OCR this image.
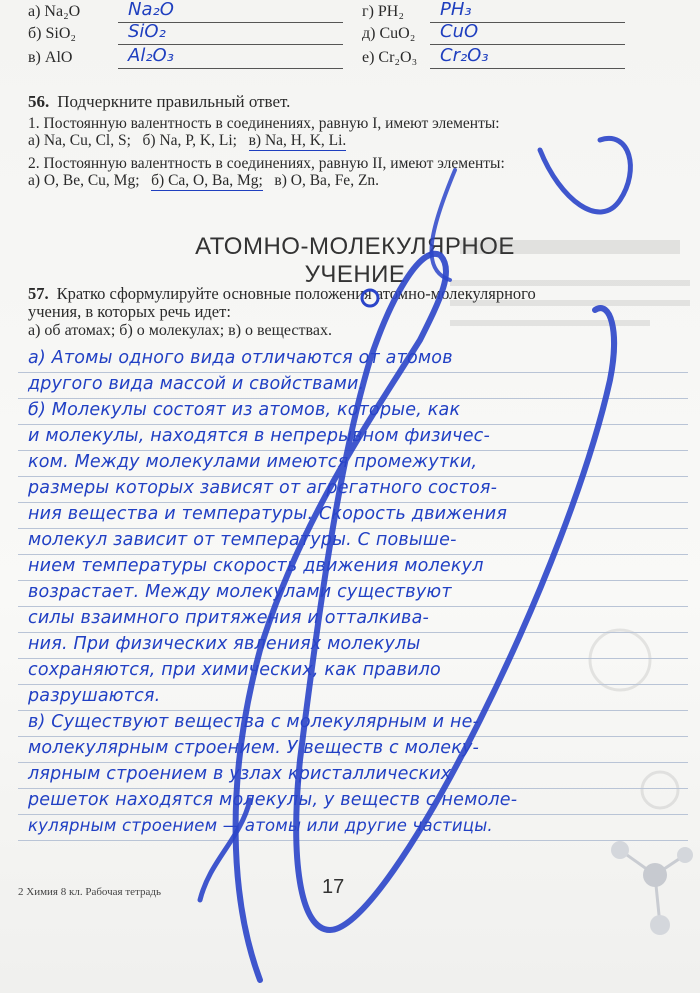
а) Na₂O	Na₂O	г) PH₂ PH₃
б) SiO₂	SiO₂	д) CuO₂ CuO
в) AlO	Al₂O₃	е) Cr₂O₃ Cr₂O₃
56. Подчеркните правильный ответ.
1. Постоянную валентность в соединениях, равную I, имеют элементы:
а) Na, Cu, Cl, S; б) Na, P, K, Li; в) Na, H, K, Li.
2. Постоянную валентность в соединениях, равную II, имеют элементы:
а) O, Be, Cu, Mg; б) Ca, O, Ba, Mg; в) O, Ba, Fe, Zn.
АТОМНО-МОЛЕКУЛЯРНОЕ УЧЕНИЕ
57. Кратко сформулируйте основные положения атомно-молекулярного
учения, в которых речь идет:
а) об атомах; б) о молекулах; в) о веществах.
а) Атомы одного вида отличаются от атомов
другого вида массой и свойствами.
б) Молекулы состоят из атомов, которые, как
и молекулы, находятся в непрерывном физичес-
ком. Между молекулами имеются промежутки,
размеры которых зависят от агрегатного состоя-
ния вещества и температуры. Скорость движения
молекул зависит от температуры. С повыше-
нием температуры скорость движения молекул
возрастает. Между молекулами существуют
силы взаимного притяжения и отталкива-
ния. При физических явлениях молекулы
сохраняются, при химических, как правило
разрушаются.
в) Существуют вещества с молекулярным и не-
молекулярным строением. У веществ с молеку-
лярным строением в узлах кристаллических
решеток находятся молекулы, у веществ с немоле-
кулярным строением — атомы или другие частицы.
2 Химия 8 кл. Рабочая тетрадь	17
